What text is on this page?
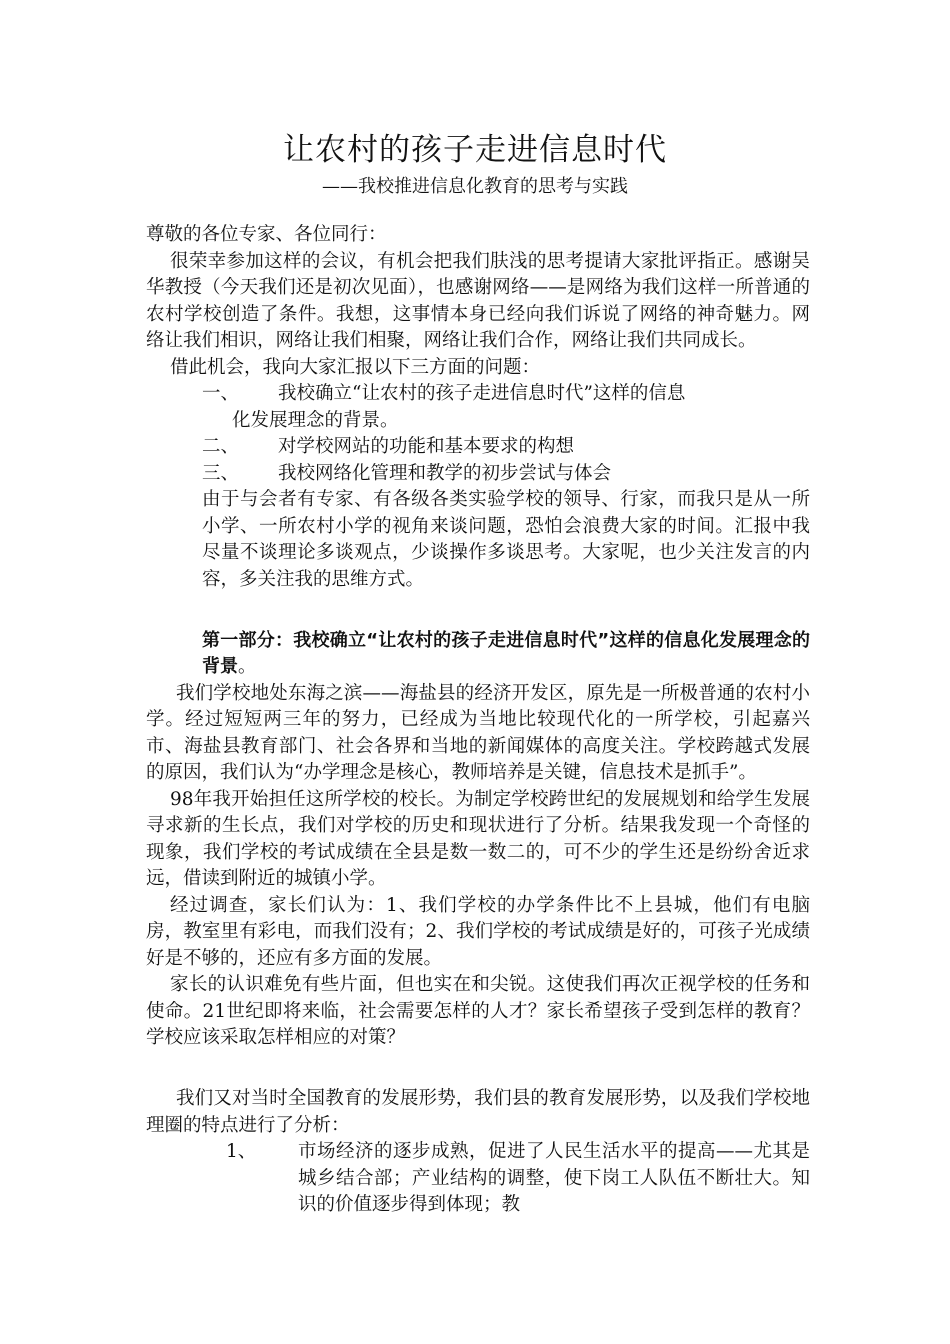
让农村的孩子走进信息时代
——我校推进信息化教育的思考与实践

尊敬的各位专家、各位同行：

很荣幸参加这样的会议，有机会把我们肤浅的思考提请大家批评指正。感谢吴华教授（今天我们还是初次见面），也感谢网络——是网络为我们这样一所普通的农村学校创造了条件。我想，这事情本身已经向我们诉说了网络的神奇魅力。网络让我们相识，网络让我们相聚，网络让我们合作，网络让我们共同成长。

借此机会，我向大家汇报以下三方面的问题：

一、	我校确立“让农村的孩子走进信息时代”这样的信息

化发展理念的背景。

二、	对学校网站的功能和基本要求的构想
三、	我校网络化管理和教学的初步尝试与体会

由于与会者有专家、有各级各类实验学校的领导、行家，而我只是从一所小学、一所农村小学的视角来谈问题，恐怕会浪费大家的时间。汇报中我尽量不谈理论多谈观点，少谈操作多谈思考。大家呢，也少关注发言的内容，多关注我的思维方式。

第一部分：我校确立“让农村的孩子走进信息时代”这样的信息化发展理念的背景。

我们学校地处东海之滨——海盐县的经济开发区，原先是一所极普通的农村小学。经过短短两三年的努力，已经成为当地比较现代化的一所学校，引起嘉兴市、海盐县教育部门、社会各界和当地的新闻媒体的高度关注。学校跨越式发展的原因，我们认为“办学理念是核心，教师培养是关键，信息技术是抓手”。

98年我开始担任这所学校的校长。为制定学校跨世纪的发展规划和给学生发展寻求新的生长点，我们对学校的历史和现状进行了分析。结果我发现一个奇怪的现象，我们学校的考试成绩在全县是数一数二的，可不少的学生还是纷纷舍近求远，借读到附近的城镇小学。

经过调查，家长们认为：1、我们学校的办学条件比不上县城，他们有电脑房，教室里有彩电，而我们没有；2、我们学校的考试成绩是好的，可孩子光成绩好是不够的，还应有多方面的发展。

家长的认识难免有些片面，但也实在和尖锐。这使我们再次正视学校的任务和使命。21世纪即将来临，社会需要怎样的人才？家长希望孩子受到怎样的教育？学校应该采取怎样相应的对策？

我们又对当时全国教育的发展形势，我们县的教育发展形势，以及我们学校地理圈的特点进行了分析：

1、	市场经济的逐步成熟，促进了人民生活水平的提高——尤其是城乡结合部；产业结构的调整，使下岗工人队伍不断壮大。知识的价值逐步得到体现；教
